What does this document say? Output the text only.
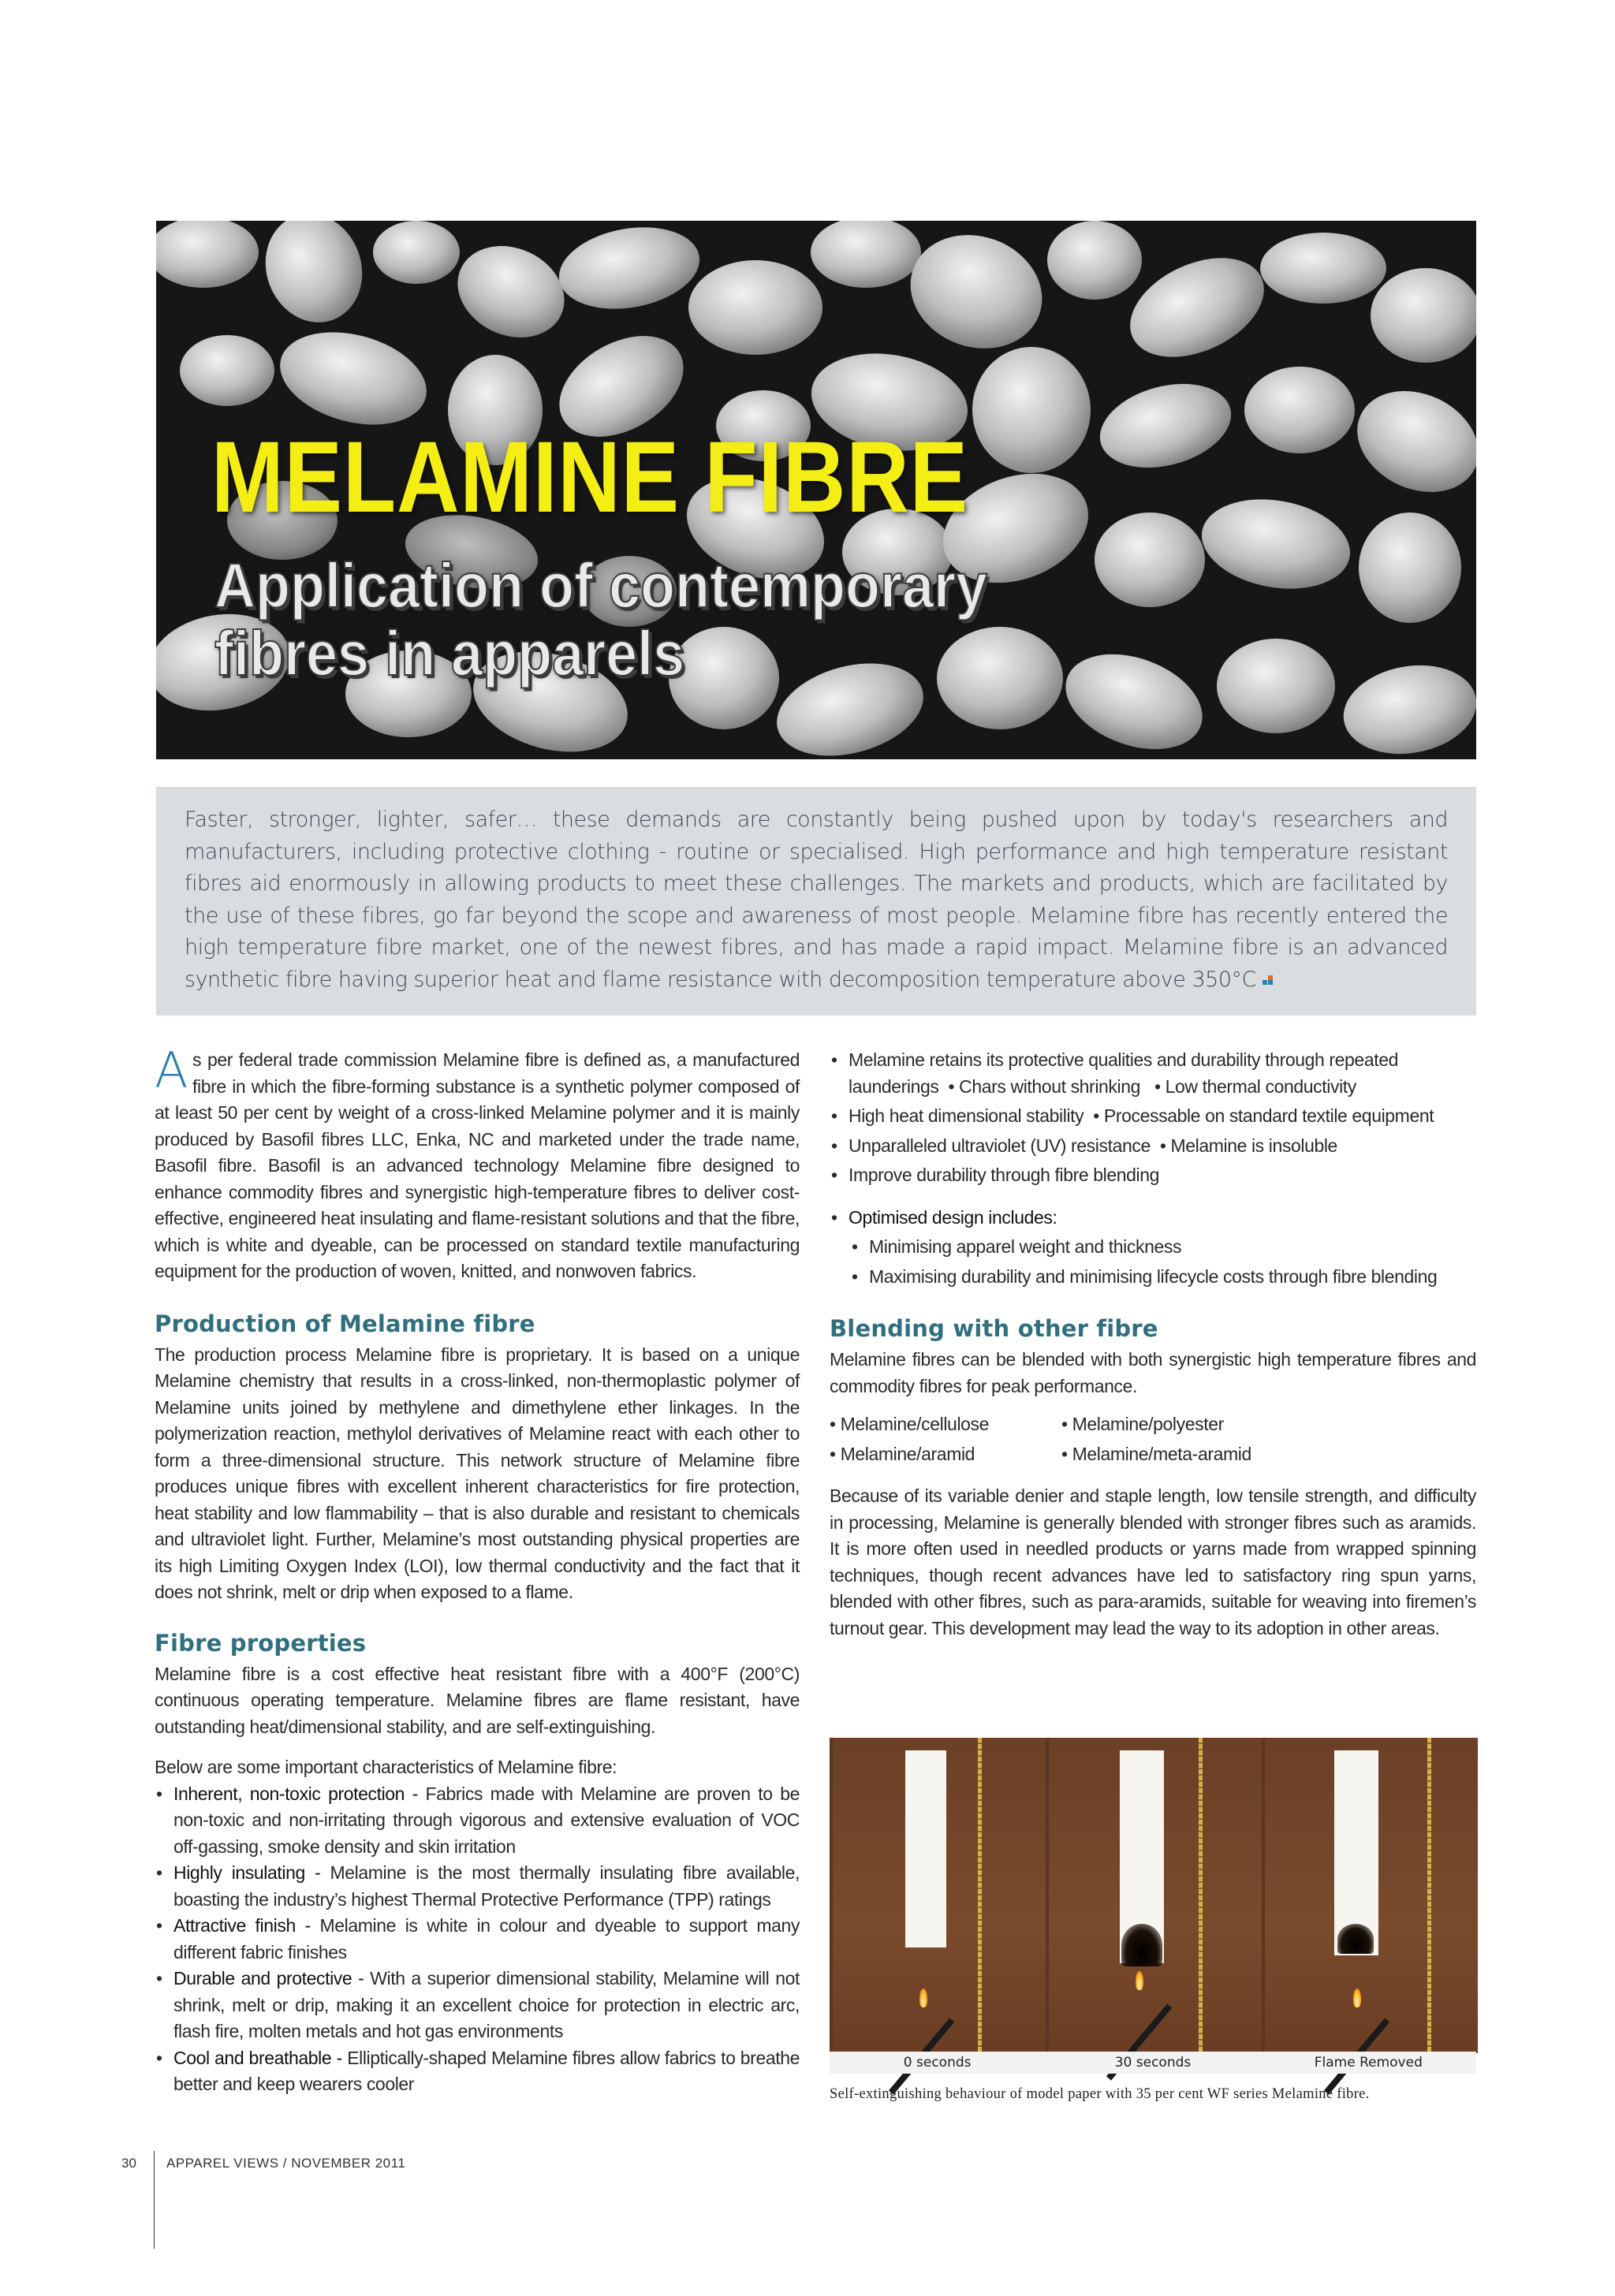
MELAMINE FIBRE
Application of contemporary
fibres in apparels

Faster, stronger, lighter, safer… these demands are constantly being pushed upon by today's researchers and manufacturers, including protective clothing - routine or specialised. High performance and high temperature resistant fibres aid enormously in allowing products to meet these challenges. The markets and products, which are facilitated by the use of these fibres, go far beyond the scope and awareness of most people. Melamine fibre has recently entered the high temperature fibre market, one of the newest fibres, and has made a rapid impact. Melamine fibre is an advanced synthetic fibre having superior heat and flame resistance with decomposition temperature above 350°C

As per federal trade commission Melamine fibre is defined as, a manufactured fibre in which the fibre-forming substance is a synthetic polymer composed of at least 50 per cent by weight of a cross-linked Melamine polymer and it is mainly produced by Basofil fibres LLC, Enka, NC and marketed under the trade name, Basofil fibre. Basofil is an advanced technology Melamine fibre designed to enhance commodity fibres and synergistic high-temperature fibres to deliver cost-effective, engineered heat insulating and flame-resistant solutions and that the fibre, which is white and dyeable, can be processed on standard textile manufacturing equipment for the production of woven, knitted, and nonwoven fabrics.

Production of Melamine fibre

The production process Melamine fibre is proprietary. It is based on a unique Melamine chemistry that results in a cross-linked, non-thermoplastic polymer of Melamine units joined by methylene and dimethylene ether linkages. In the polymerization reaction, methylol derivatives of Melamine react with each other to form a three-dimensional structure. This network structure of Melamine fibre produces unique fibres with excellent inherent characteristics for fire protection, heat stability and low flammability – that is also durable and resistant to chemicals and ultraviolet light. Further, Melamine’s most outstanding physical properties are its high Limiting Oxygen Index (LOI), low thermal conductivity and the fact that it does not shrink, melt or drip when exposed to a flame.

Fibre properties

Melamine fibre is a cost effective heat resistant fibre with a 400°F (200°C) continuous operating temperature. Melamine fibres are flame resistant, have outstanding heat/dimensional stability, and are self-extinguishing.

Below are some important characteristics of Melamine fibre:

• Inherent, non-toxic protection - Fabrics made with Melamine are proven to be non-toxic and non-irritating through vigorous and extensive evaluation of VOC off-gassing, smoke density and skin irritation
• Highly insulating - Melamine is the most thermally insulating fibre available, boasting the industry’s highest Thermal Protective Performance (TPP) ratings
• Attractive finish - Melamine is white in colour and dyeable to support many different fabric finishes
• Durable and protective - With a superior dimensional stability, Melamine will not shrink, melt or drip, making it an excellent choice for protection in electric arc, flash fire, molten metals and hot gas environments
• Cool and breathable - Elliptically-shaped Melamine fibres allow fabrics to breathe better and keep wearers cooler
• Melamine retains its protective qualities and durability through repeated
launderings  • Chars without shrinking   • Low thermal conductivity
• High heat dimensional stability  • Processable on standard textile equipment
• Unparalleled ultraviolet (UV) resistance  • Melamine is insoluble
• Improve durability through fibre blending
• Optimised design includes:
• Minimising apparel weight and thickness
• Maximising durability and minimising lifecycle costs through fibre blending
Blending with other fibre

Melamine fibres can be blended with both synergistic high temperature fibres and commodity fibres for peak performance.

• Melamine/cellulose	• Melamine/polyester
• Melamine/aramid	• Melamine/meta-aramid

Because of its variable denier and staple length, low tensile strength, and difficulty in processing, Melamine is generally blended with stronger fibres such as aramids. It is more often used in needled products or yarns made from wrapped spinning techniques, though recent advances have led to satisfactory ring spun yarns, blended with other fibres, such as para-aramids, suitable for weaving into firemen’s turnout gear. This development may lead the way to its adoption in other areas.

0 seconds	30 seconds	Flame Removed

Self-extinguishing behaviour of model paper with 35 per cent WF series Melamine fibre.

30 APPAREL VIEWS / NOVEMBER 2011
